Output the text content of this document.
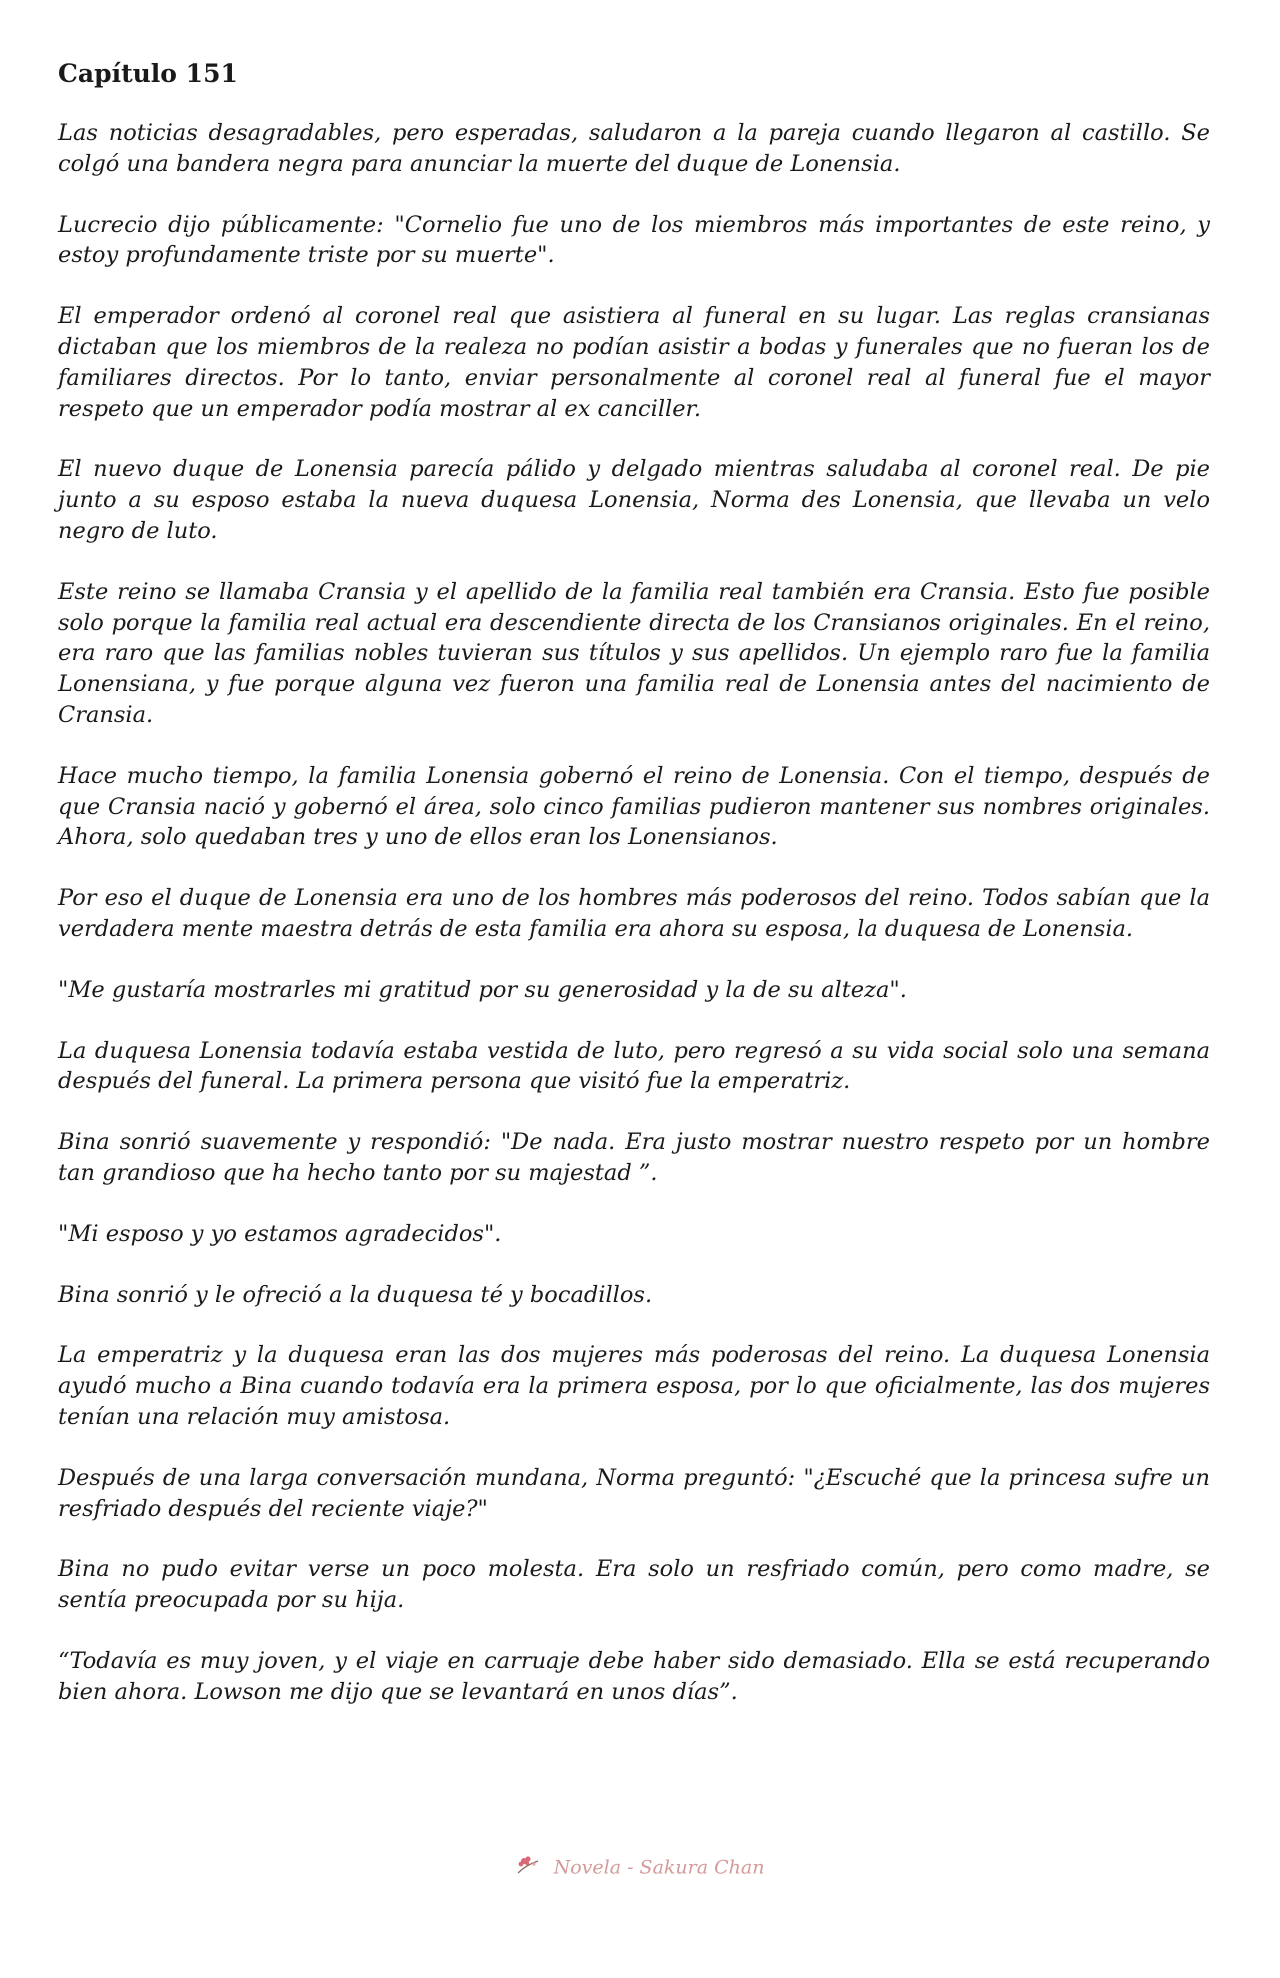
Capítulo 151

Las noticias desagradables, pero esperadas, saludaron a la pareja cuando llegaron al castillo. Se colgó una bandera negra para anunciar la muerte del duque de Lonensia.

Lucrecio dijo públicamente: "Cornelio fue uno de los miembros más importantes de este reino, y estoy profundamente triste por su muerte".

El emperador ordenó al coronel real que asistiera al funeral en su lugar. Las reglas cransianas dictaban que los miembros de la realeza no podían asistir a bodas y funerales que no fueran los de familiares directos. Por lo tanto, enviar personalmente al coronel real al funeral fue el mayor respeto que un emperador podía mostrar al ex canciller.

El nuevo duque de Lonensia parecía pálido y delgado mientras saludaba al coronel real. De pie junto a su esposo estaba la nueva duquesa Lonensia, Norma des Lonensia, que llevaba un velo negro de luto.

Este reino se llamaba Cransia y el apellido de la familia real también era Cransia. Esto fue posible solo porque la familia real actual era descendiente directa de los Cransianos originales. En el reino, era raro que las familias nobles tuvieran sus títulos y sus apellidos. Un ejemplo raro fue la familia Lonensiana, y fue porque alguna vez fueron una familia real de Lonensia antes del nacimiento de Cransia.

Hace mucho tiempo, la familia Lonensia gobernó el reino de Lonensia. Con el tiempo, después de que Cransia nació y gobernó el área, solo cinco familias pudieron mantener sus nombres originales. Ahora, solo quedaban tres y uno de ellos eran los Lonensianos.

Por eso el duque de Lonensia era uno de los hombres más poderosos del reino. Todos sabían que la verdadera mente maestra detrás de esta familia era ahora su esposa, la duquesa de Lonensia.

"Me gustaría mostrarles mi gratitud por su generosidad y la de su alteza".

La duquesa Lonensia todavía estaba vestida de luto, pero regresó a su vida social solo una semana después del funeral. La primera persona que visitó fue la emperatriz.

Bina sonrió suavemente y respondió: "De nada. Era justo mostrar nuestro respeto por un hombre tan grandioso que ha hecho tanto por su majestad ”.

"Mi esposo y yo estamos agradecidos".

Bina sonrió y le ofreció a la duquesa té y bocadillos.

La emperatriz y la duquesa eran las dos mujeres más poderosas del reino. La duquesa Lonensia ayudó mucho a Bina cuando todavía era la primera esposa, por lo que oficialmente, las dos mujeres tenían una relación muy amistosa.

Después de una larga conversación mundana, Norma preguntó: "¿Escuché que la princesa sufre un resfriado después del reciente viaje?"

Bina no pudo evitar verse un poco molesta. Era solo un resfriado común, pero como madre, se sentía preocupada por su hija.

“Todavía es muy joven, y el viaje en carruaje debe haber sido demasiado. Ella se está recuperando bien ahora. Lowson me dijo que se levantará en unos días”.

Novela - Sakura Chan
